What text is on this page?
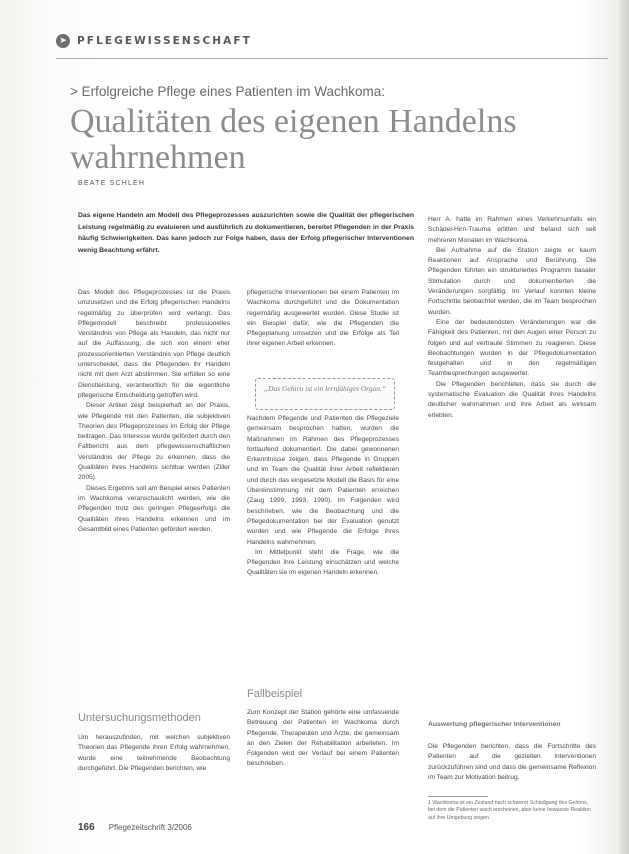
➤ PFLEGEWISSENSCHAFT
> Erfolgreiche Pflege eines Patienten im Wachkoma:
Qualitäten des eigenen Handelns wahrnehmen
BEATE SCHLEH

Das eigene Handeln am Modell des Pflegeprozesses auszurichten sowie die Qualität der pflegerischen Leistung regelmäßig zu evaluieren und ausführlich zu dokumentieren, bereitet Pflegenden in der Praxis häufig Schwierigkeiten. Das kann jedoch zur Folge haben, dass der Erfolg pflegerischer Interventionen wenig Beachtung erfährt.

Das Modell des Pflegeprozesses ist die Praxis umzusetzen und die Erfolg pflegerischen Handelns regelmäßig zu überprüfen wird verlangt. Das Pflegemodell beschreibt professionelles Verständnis von Pflege als Handeln, das nicht nur auf die Auffassung, die sich von einem eher prozessorientierten Verständnis von Pflege deutlich unterscheidet, dass die Pflegenden ihr Handeln nicht mit dem Arzt abstimmen. Sie erfüllen so eine Dienstleistung, verantwortlich für die eigentliche pflegerische Entscheidung getroffen wird.

Dieser Artikel zeigt beispielhaft an der Praxis, wie Pflegende mit den Patienten, die subjektiven Theorien des Pflegeprozesses im Erfolg der Pflege beitragen. Das Interesse wurde gefördert durch den Fallbericht aus dem pflegewissenschaftlichen Verständnis der Pflege zu erkennen, dass die Qualitäten ihres Handelns sichtbar werden (Ziller 2005).

Dieses Ergebnis soll am Beispiel eines Patienten im Wachkoma veranschaulicht werden, wie die Pflegenden trotz des geringen Pflegeerfolgs die Qualitäten ihres Handelns erkennen und im Gesamtbild eines Patienten gefördert werden.

pflegerische Interventionen bei einem Patienten im Wachkoma durchgeführt und die Dokumentation regelmäßig ausgewertet wurden. Diese Studie ist ein Beispiel dafür, wie die Pflegenden die Pflegeplanung umsetzen und die Erfolge als Teil ihrer eigenen Arbeit erkennen.

„Das Gehirn ist ein lernfähiges Organ.“

Nachdem Pflegende und Patienten die Pflegeziele gemeinsam besprochen hatten, wurden die Maßnahmen im Rahmen des Pflegeprozesses fortlaufend dokumentiert. Die dabei gewonnenen Erkenntnisse zeigen, dass Pflegende in Gruppen und im Team die Qualität ihrer Arbeit reflektieren und durch das eingesetzte Modell die Basis für eine Übereinstimmung mit dem Patienten erreichen (Zaug 1999, 1993, 1990). Im Folgenden wird beschrieben, wie die Beobachtung und die Pflegedokumentation bei der Evaluation genutzt wurden und wie Pflegende die Erfolge ihres Handelns wahrnehmen.

Im Mittelpunkt steht die Frage, wie die Pflegenden ihre Leistung einschätzen und welche Qualitäten sie im eigenen Handeln erkennen.

Untersuchungsmethoden

Um herauszufinden, mit welchen subjektiven Theorien das Pflegende ihren Erfolg wahrnehmen, wurde eine teilnehmende Beobachtung durchgeführt. Die Pflegenden berichten, wie

Fallbeispiel

Zum Konzept der Station gehörte eine umfassende Betreuung der Patienten im Wachkoma durch Pflegende, Therapeuten und Ärzte, die gemeinsam an den Zielen der Rehabilitation arbeiteten. Im Folgenden wird der Verlauf bei einem Patienten beschrieben.

Herr A. hatte im Rahmen eines Verkehrsunfalls ein Schädel-Hirn-Trauma erlitten und befand sich seit mehreren Monaten im Wachkoma.

Bei Aufnahme auf die Station zeigte er kaum Reaktionen auf Ansprache und Berührung. Die Pflegenden führten ein strukturiertes Programm basaler Stimulation durch und dokumentierten die Veränderungen sorgfältig. Im Verlauf konnten kleine Fortschritte beobachtet werden, die im Team besprochen wurden.

Eine der bedeutendsten Veränderungen war die Fähigkeit des Patienten, mit den Augen einer Person zu folgen und auf vertraute Stimmen zu reagieren. Diese Beobachtungen wurden in der Pflegedokumentation festgehalten und in den regelmäßigen Teambesprechungen ausgewertet.

Die Pflegenden berichteten, dass sie durch die systematische Evaluation die Qualität ihres Handelns deutlicher wahrnahmen und ihre Arbeit als wirksam erlebten.

Auswertung pflegerischer Interventionen

Die Pflegenden berichten, dass die Fortschritte des Patienten auf die gezielten Interventionen zurückzuführen sind und dass die gemeinsame Reflexion im Team zur Motivation beitrug.

1 Wachkoma ist ein Zustand nach schwerer Schädigung des Gehirns, bei dem die Patienten wach erscheinen, aber keine bewusste Reaktion auf ihre Umgebung zeigen.
166 Pflegezeitschrift 3/2006
